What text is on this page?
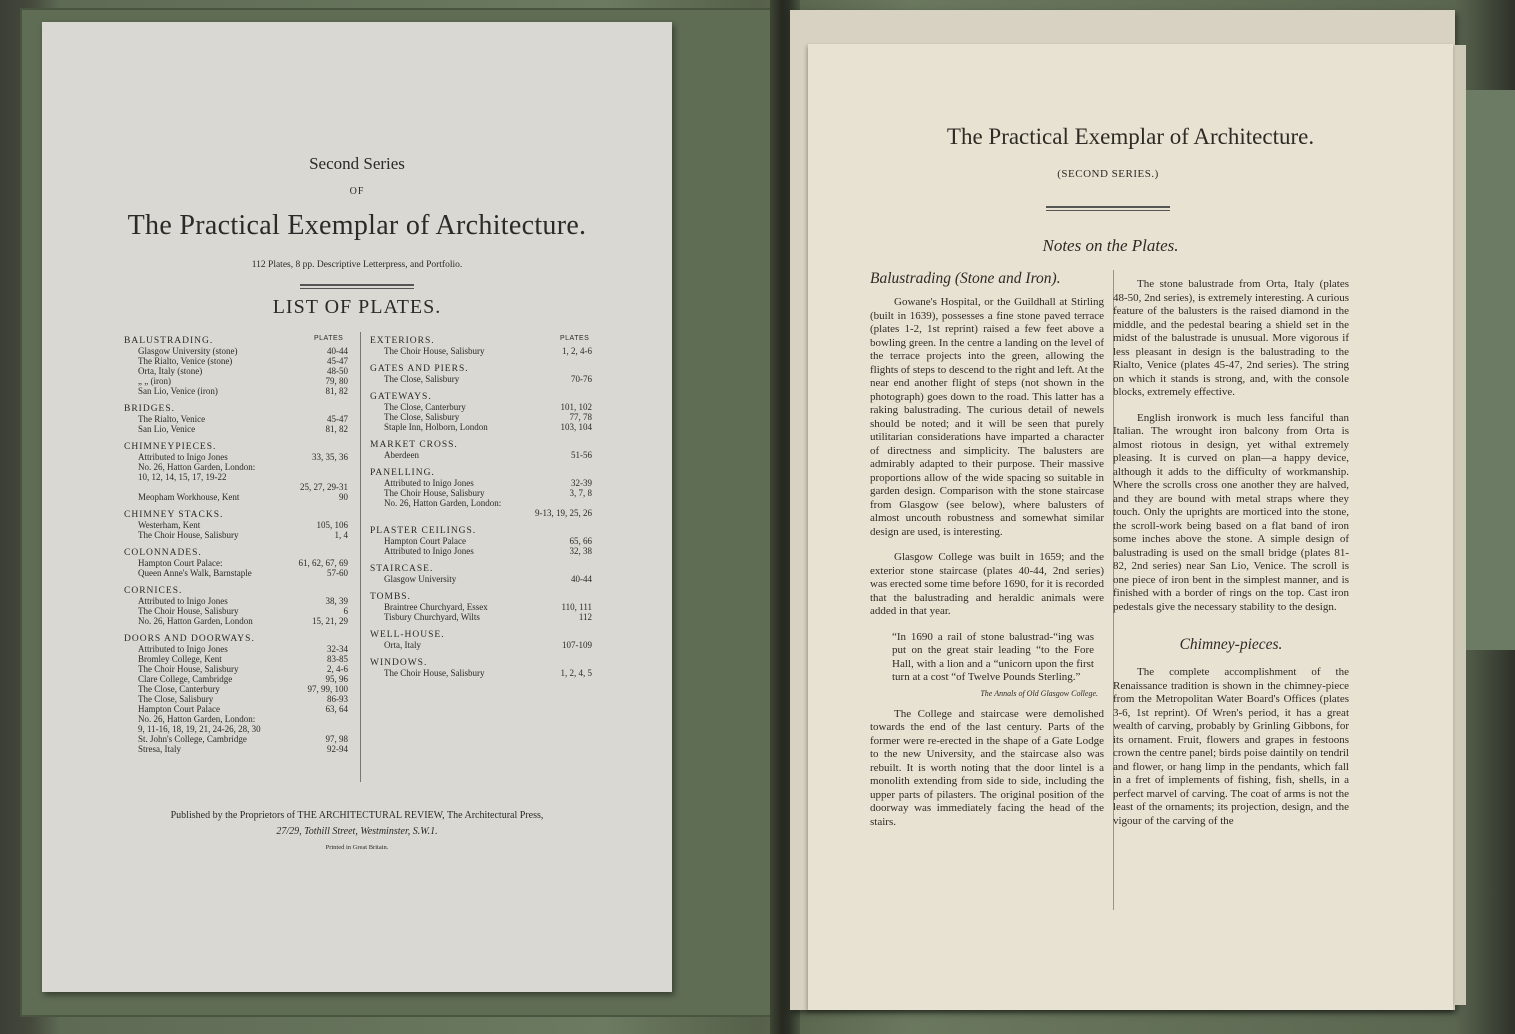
Second Series
OF
The Practical Exemplar of Architecture.
112 Plates, 8 pp. Descriptive Letterpress, and Portfolio.
LIST OF PLATES.
PLATES	PLATES
BALUSTRADING.
Glasgow University (stone)	40-44
The Rialto, Venice (stone)	45-47
Orta, Italy (stone)	48-50
„ „ (iron)	79, 80
San Lio, Venice (iron)	81, 82
BRIDGES.
The Rialto, Venice	45-47
San Lio, Venice	81, 82
CHIMNEYPIECES.
Attributed to Inigo Jones	33, 35, 36
No. 26, Hatton Garden, London:
10, 12, 14, 15, 17, 19-22
25, 27, 29-31
Meopham Workhouse, Kent	90
CHIMNEY STACKS.
Westerham, Kent	105, 106
The Choir House, Salisbury	1, 4
COLONNADES.
Hampton Court Palace:	61, 62, 67, 69
Queen Anne's Walk, Barnstaple	57-60
CORNICES.
Attributed to Inigo Jones	38, 39
The Choir House, Salisbury	6
No. 26, Hatton Garden, London	15, 21, 29
DOORS AND DOORWAYS.
Attributed to Inigo Jones	32-34
Bromley College, Kent	83-85
The Choir House, Salisbury	2, 4-6
Clare College, Cambridge	95, 96
The Close, Canterbury	97, 99, 100
The Close, Salisbury	86-93
Hampton Court Palace	63, 64
No. 26, Hatton Garden, London:
9, 11-16, 18, 19, 21, 24-26, 28, 30
St. John's College, Cambridge	97, 98
Stresa, Italy	92-94
EXTERIORS.
The Choir House, Salisbury	1, 2, 4-6
GATES AND PIERS.
The Close, Salisbury	70-76
GATEWAYS.
The Close, Canterbury	101, 102
The Close, Salisbury	77, 78
Staple Inn, Holborn, London	103, 104
MARKET CROSS.
Aberdeen	51-56
PANELLING.
Attributed to Inigo Jones	32-39
The Choir House, Salisbury	3, 7, 8
No. 26, Hatton Garden, London:
9-13, 19, 25, 26
PLASTER CEILINGS.
Hampton Court Palace	65, 66
Attributed to Inigo Jones	32, 38
STAIRCASE.
Glasgow University	40-44
TOMBS.
Braintree Churchyard, Essex	110, 111
Tisbury Churchyard, Wilts	112
WELL-HOUSE.
Orta, Italy	107-109
WINDOWS.
The Choir House, Salisbury	1, 2, 4, 5
Published by the Proprietors of THE ARCHITECTURAL REVIEW, The Architectural Press,
27/29, Tothill Street, Westminster, S.W.1.
Printed in Great Britain.
The Practical Exemplar of Architecture.
(SECOND SERIES.)
Notes on the Plates.
Balustrading (Stone and Iron).

Gowane's Hospital, or the Guildhall at Stirling (built in 1639), possesses a fine stone paved terrace (plates 1-2, 1st reprint) raised a few feet above a bowling green. In the centre a landing on the level of the terrace projects into the green, allowing the flights of steps to descend to the right and left. At the near end another flight of steps (not shown in the photograph) goes down to the road. This latter has a raking balustrading. The curious detail of newels should be noted; and it will be seen that purely utilitarian considerations have imparted a character of directness and simplicity. The balusters are admirably adapted to their purpose. Their massive proportions allow of the wide spacing so suitable in garden design. Comparison with the stone staircase from Glasgow (see below), where balusters of almost uncouth robustness and somewhat similar design are used, is interesting.

Glasgow College was built in 1659; and the exterior stone staircase (plates 40-44, 2nd series) was erected some time before 1690, for it is recorded that the balustrading and heraldic animals were added in that year.

“In 1690 a rail of stone balustrad-“ing was put on the great stair leading “to the Fore Hall, with a lion and a “unicorn upon the first turn at a cost “of Twelve Pounds Sterling.”

The Annals of Old Glasgow College.

The College and staircase were demolished towards the end of the last century. Parts of the former were re-erected in the shape of a Gate Lodge to the new University, and the staircase also was rebuilt. It is worth noting that the door lintel is a monolith extending from side to side, including the upper parts of pilasters. The original position of the doorway was immediately facing the head of the stairs.

The stone balustrade from Orta, Italy (plates 48-50, 2nd series), is extremely interesting. A curious feature of the balusters is the raised diamond in the middle, and the pedestal bearing a shield set in the midst of the balustrade is unusual. More vigorous if less pleasant in design is the balustrading to the Rialto, Venice (plates 45-47, 2nd series). The string on which it stands is strong, and, with the console blocks, extremely effective.

English ironwork is much less fanciful than Italian. The wrought iron balcony from Orta is almost riotous in design, yet withal extremely pleasing. It is curved on plan—a happy device, although it adds to the difficulty of workmanship. Where the scrolls cross one another they are halved, and they are bound with metal straps where they touch. Only the uprights are morticed into the stone, the scroll-work being based on a flat band of iron some inches above the stone. A simple design of balustrading is used on the small bridge (plates 81-82, 2nd series) near San Lio, Venice. The scroll is one piece of iron bent in the simplest manner, and is finished with a border of rings on the top. Cast iron pedestals give the necessary stability to the design.

Chimney-pieces.

The complete accomplishment of the Renaissance tradition is shown in the chimney-piece from the Metropolitan Water Board's Offices (plates 3-6, 1st reprint). Of Wren's period, it has a great wealth of carving, probably by Grinling Gibbons, for its ornament. Fruit, flowers and grapes in festoons crown the centre panel; birds poise daintily on tendril and flower, or hang limp in the pendants, which fall in a fret of implements of fishing, fish, shells, in a perfect marvel of carving. The coat of arms is not the least of the ornaments; its projection, design, and the vigour of the carving of the
